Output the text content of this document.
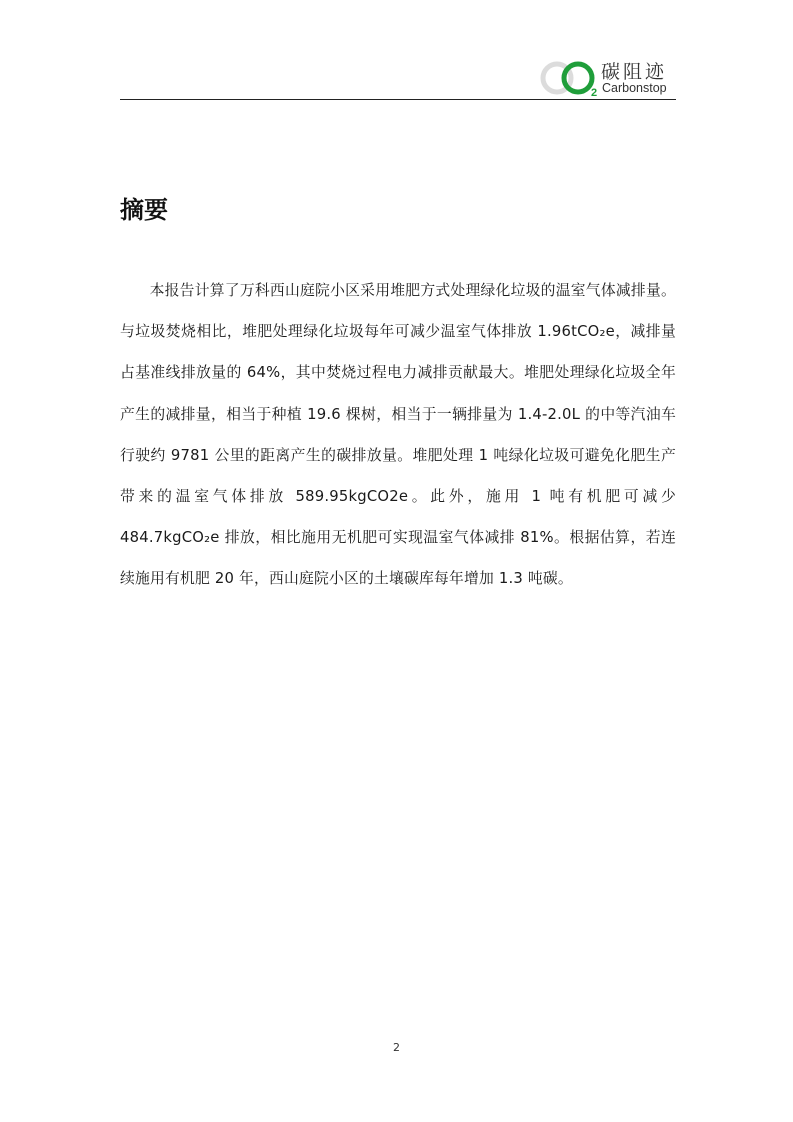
2
碳阻迹
Carbonstop
摘要

本报告计算了万科西山庭院小区采用堆肥方式处理绿化垃圾的温室气体减排量。与垃圾焚烧相比，堆肥处理绿化垃圾每年可减少温室气体排放 1.96tCO₂e，减排量占基准线排放量的 64%，其中焚烧过程电力减排贡献最大。堆肥处理绿化垃圾全年产生的减排量，相当于种植 19.6 棵树，相当于一辆排量为 1.4-2.0L 的中等汽油车行驶约 9781 公里的距离产生的碳排放量。堆肥处理 1 吨绿化垃圾可避免化肥生产带来的温室气体排放 589.95kgCO2e。此外，施用 1 吨有机肥可减少 484.7kgCO₂e 排放，相比施用无机肥可实现温室气体减排 81%。根据估算，若连续施用有机肥 20 年，西山庭院小区的土壤碳库每年增加 1.3 吨碳。

2
